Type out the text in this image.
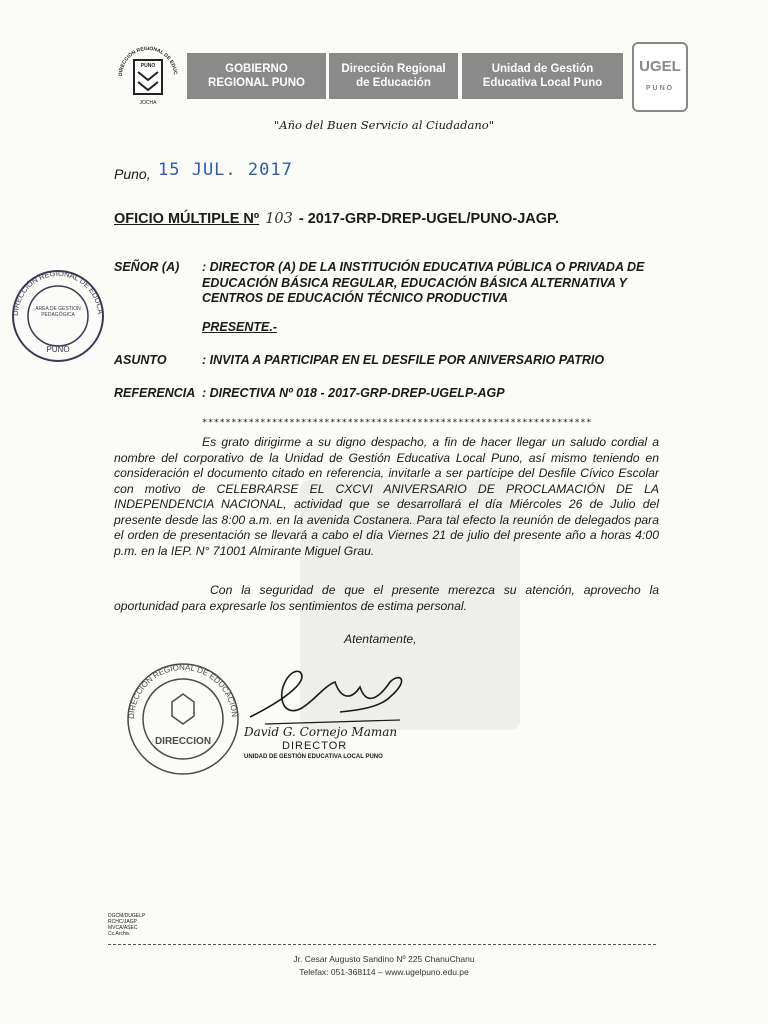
DIRECCIÓN REGIONAL DE EDUC
PUNO
JOCHA
GOBIERNO
REGIONAL PUNO
Dirección Regional
de Educación
Unidad de Gestión
Educativa Local Puno
UGEL
PUNO
"Año del Buen Servicio al Ciudadano"
Puno, 15 JUL. 2017
OFICIO MÚLTIPLE Nº 103 - 2017-GRP-DREP-UGEL/PUNO-JAGP.
DIRECCIÓN REGIONAL DE EDUCA
ÁREA DE GESTIÓN PEDAGÓGICA
PUNO
SEÑOR (A) : DIRECTOR (A) DE LA INSTITUCIÓN EDUCATIVA PÚBLICA O PRIVADA DE EDUCACIÓN BÁSICA REGULAR, EDUCACIÓN BÁSICA ALTERNATIVA Y CENTROS DE EDUCACIÓN TÉCNICO PRODUCTIVA
PRESENTE.-
ASUNTO	: INVITA A PARTICIPAR EN EL DESFILE POR ANIVERSARIO PATRIO
REFERENCIA : DIRECTIVA Nº 018 - 2017-GRP-DREP-UGELP-AGP
*******************************************************************
Es grato dirigirme a su digno despacho, a fin de hacer llegar un saludo cordial a nombre del corporativo de la Unidad de Gestión Educativa Local Puno, así mismo teniendo en consideración el documento citado en referencia, invitarle a ser partícipe del Desfile Cívico Escolar con motivo de CELEBRARSE EL CXCVI ANIVERSARIO DE PROCLAMACIÓN DE LA INDEPENDENCIA NACIONAL, actividad que se desarrollará el día Miércoles 26 de Julio del presente desde las 8:00 a.m. en la avenida Costanera. Para tal efecto la reunión de delegados para el orden de presentación se llevará a cabo el día Viernes 21 de julio del presente año a horas 4:00 p.m. en la IEP. N° 71001 Almirante Miguel Grau.
Con la seguridad de que el presente merezca su atención, aprovecho la oportunidad para expresarle los sentimientos de estima personal.
Atentamente,
DIRECCIÓN REGIONAL DE EDUCACIÓN
DIRECCION
David G. Cornejo Maman
DIRECTOR
UNIDAD DE GESTIÓN EDUCATIVA LOCAL PUNO
DGCM/DUGELP
RCHC/JAGP
MVCA/ASEC
Cc.Archiv.
Jr. Cesar Augusto Sandino Nº 225 ChanuChanu
Telefax: 051-368114 – www.ugelpuno.edu.pe
